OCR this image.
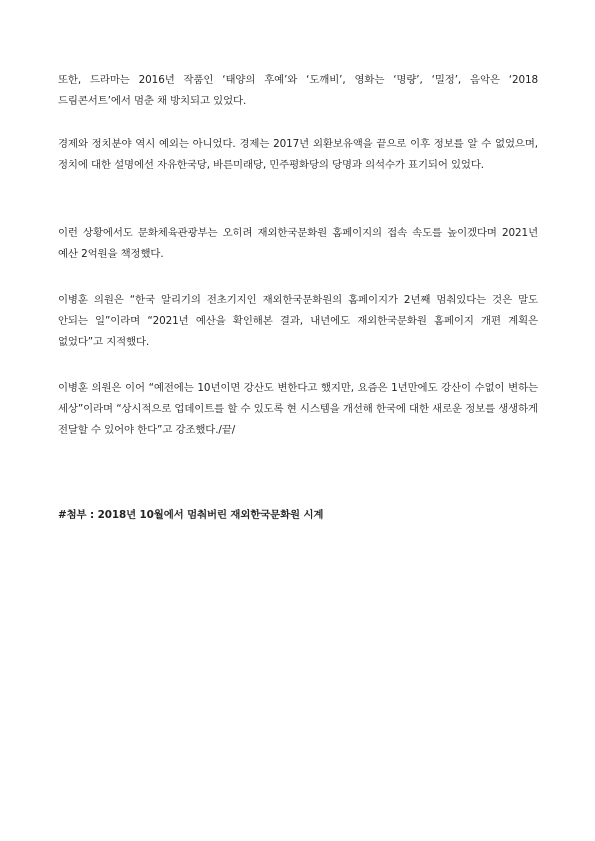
또한, 드라마는 2016년 작품인 ‘태양의 후예’와 ‘도깨비’, 영화는 ‘명량’, ‘밀정’, 음악은 ‘2018 드림콘서트’에서 멈춘 채 방치되고 있었다.

경제와 정치분야 역시 예외는 아니었다. 경제는 2017년 외환보유액을 끝으로 이후 정보를 알 수 없었으며, 정치에 대한 설명에선 자유한국당, 바른미래당, 민주평화당의 당명과 의석수가 표기되어 있었다.

이런 상황에서도 문화체육관광부는 오히려 재외한국문화원 홈페이지의 접속 속도를 높이겠다며 2021년 예산 2억원을 책정했다.

이병훈 의원은 “한국 알리기의 전초기지인 재외한국문화원의 홈페이지가 2년째 멈춰있다는 것은 말도 안되는 일”이라며 “2021년 예산을 확인해본 결과, 내년에도 재외한국문화원 홈페이지 개편 계획은 없었다”고 지적했다.

이병훈 의원은 이어 “예전에는 10년이면 강산도 변한다고 했지만, 요즘은 1년만에도 강산이 수없이 변하는 세상”이라며 “상시적으로 업데이트를 할 수 있도록 현 시스템을 개선해 한국에 대한 새로운 정보를 생생하게 전달할 수 있어야 한다”고 강조했다./끝/

#첨부 : 2018년 10월에서 멈춰버린 재외한국문화원 시계
